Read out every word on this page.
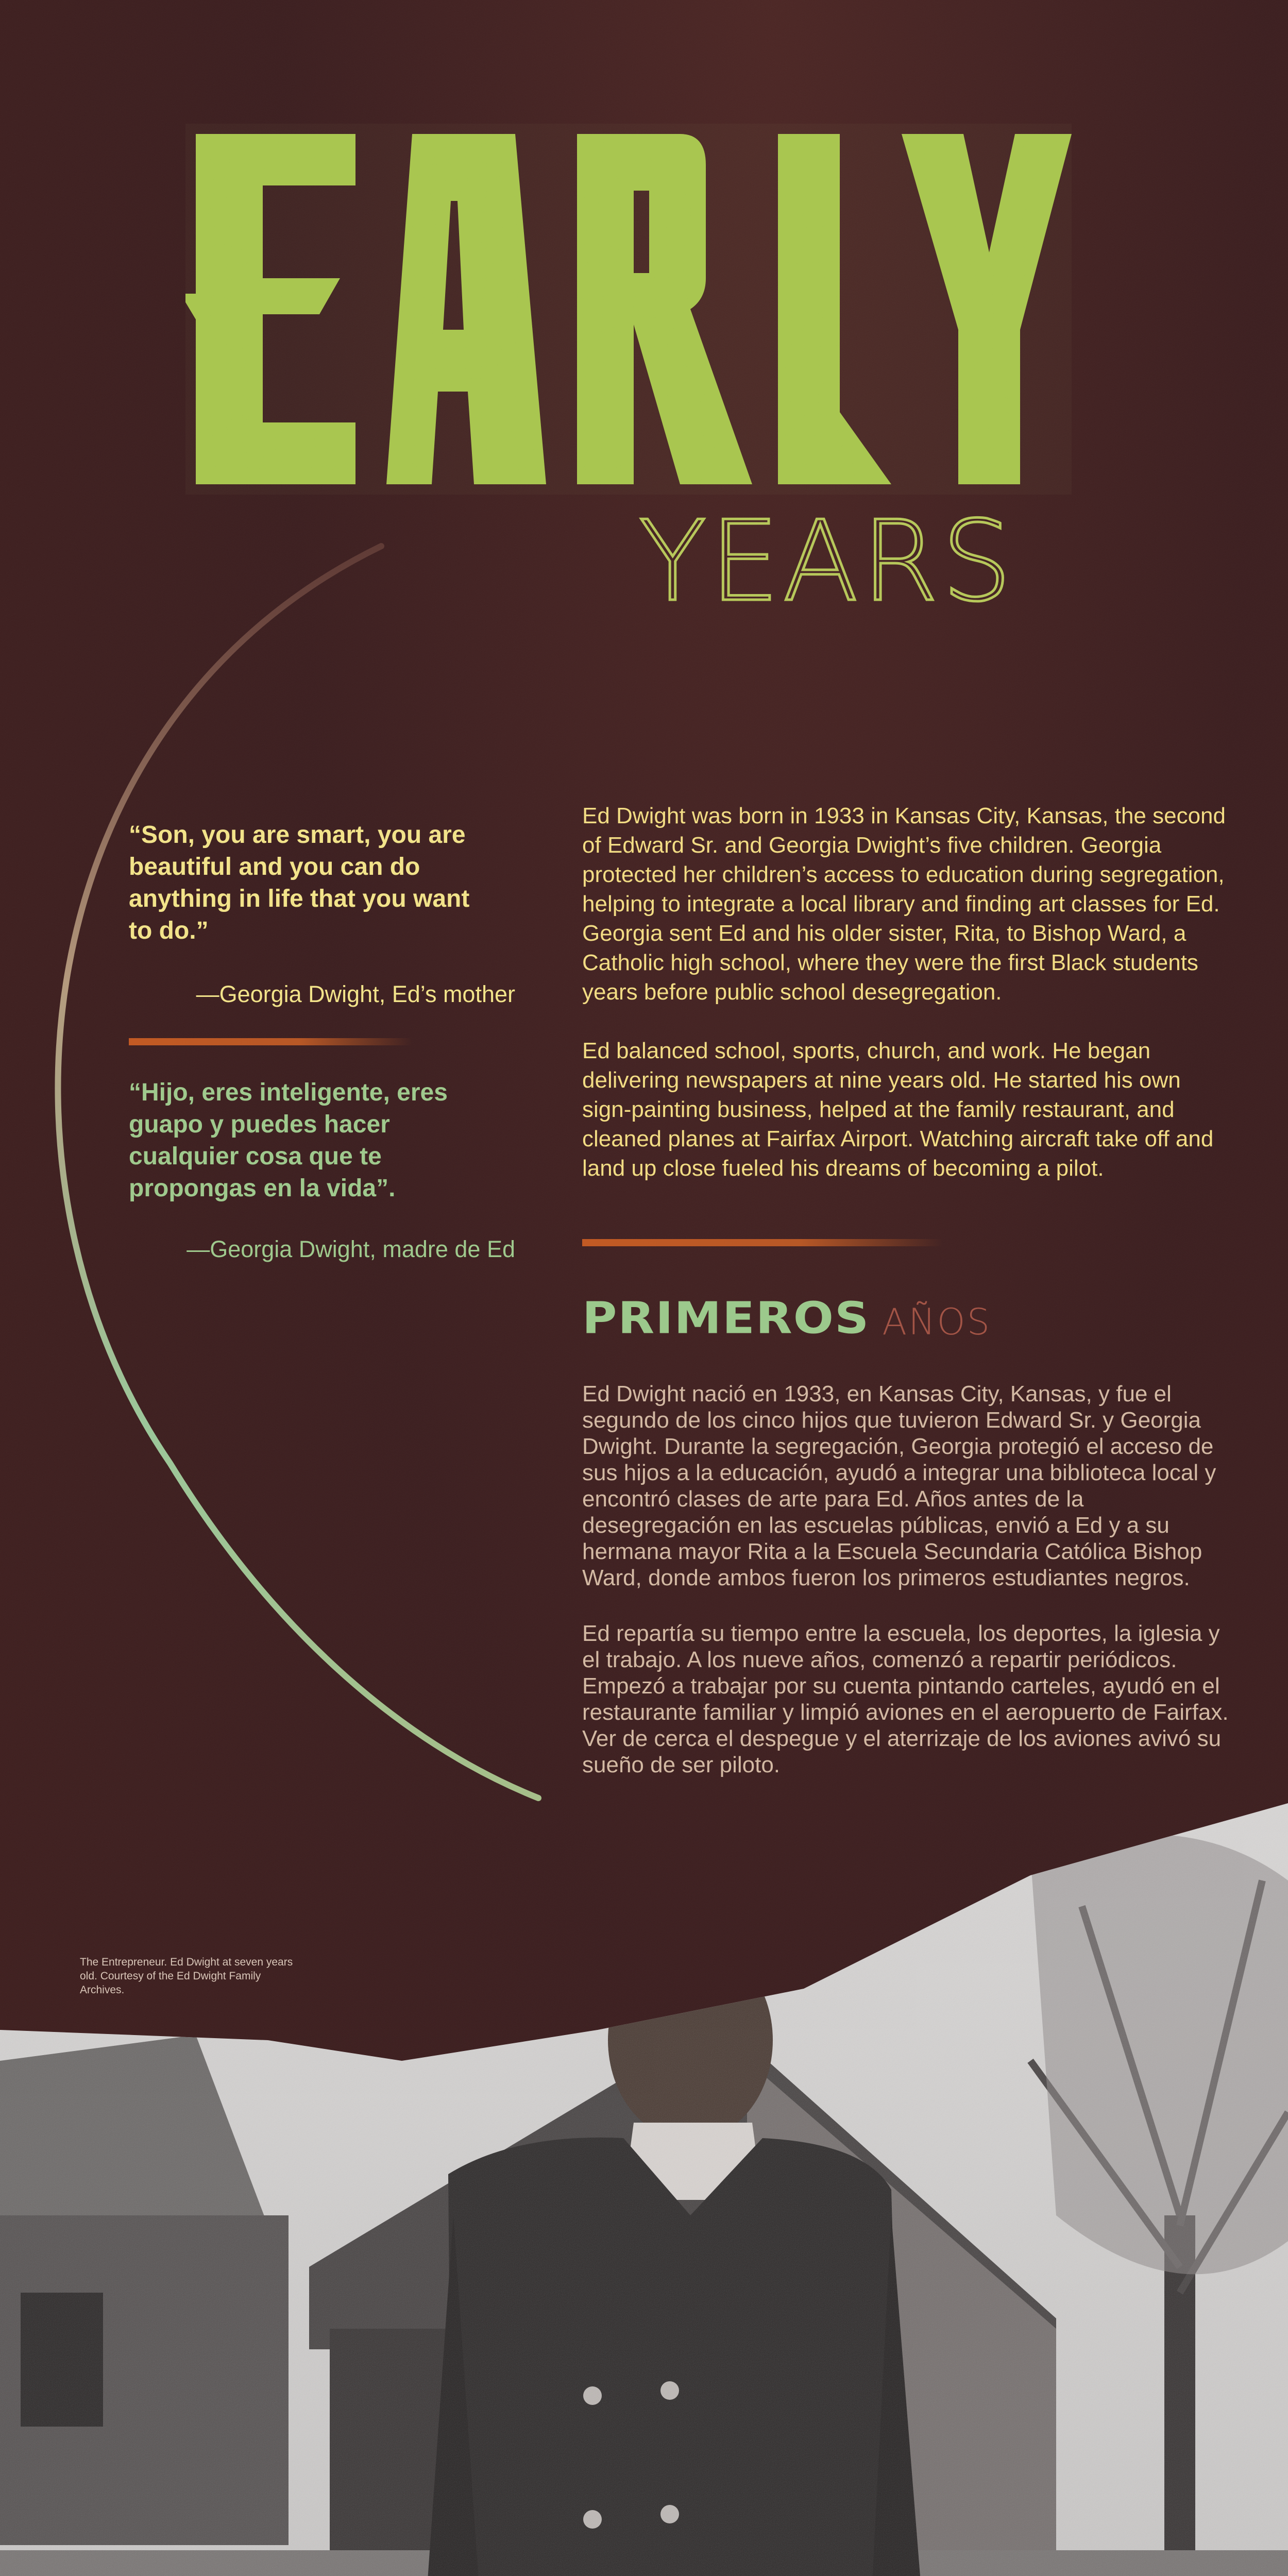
YEARS
“Son, you are smart, you are beautiful and you can do anything in life that you want to do.”
—Georgia Dwight, Ed’s mother
“Hijo, eres inteligente, eres guapo y puedes hacer cualquier cosa que te propongas en la vida”.
—Georgia Dwight, madre de Ed

Ed Dwight was born in 1933 in Kansas City, Kansas, the second of Edward Sr. and Georgia Dwight’s five children. Georgia protected her children’s access to education during segregation, helping to integrate a local library and finding art classes for Ed. Georgia sent Ed and his older sister, Rita, to Bishop Ward, a Catholic high school, where they were the first Black students years before public school desegregation.

Ed balanced school, sports, church, and work. He began delivering newspapers at nine years old. He started his own sign-painting business, helped at the family restaurant, and cleaned planes at Fairfax Airport. Watching aircraft take off and land up close fueled his dreams of becoming a pilot.

PRIMEROS AÑOS

Ed Dwight nació en 1933, en Kansas City, Kansas, y fue el segundo de los cinco hijos que tuvieron Edward Sr. y Georgia Dwight. Durante la segregación, Georgia protegió el acceso de sus hijos a la educación, ayudó a integrar una biblioteca local y encontró clases de arte para Ed. Años antes de la desegregación en las escuelas públicas, envió a Ed y a su hermana mayor Rita a la Escuela Secundaria Católica Bishop Ward, donde ambos fueron los primeros estudiantes negros.

Ed repartía su tiempo entre la escuela, los deportes, la iglesia y el trabajo. A los nueve años, comenzó a repartir periódicos. Empezó a trabajar por su cuenta pintando carteles, ayudó en el restaurante familiar y limpió aviones en el aeropuerto de Fairfax. Ver de cerca el despegue y el aterrizaje de los aviones avivó su sueño de ser piloto.

The Entrepreneur. Ed Dwight at seven years old. Courtesy of the Ed Dwight Family Archives.
